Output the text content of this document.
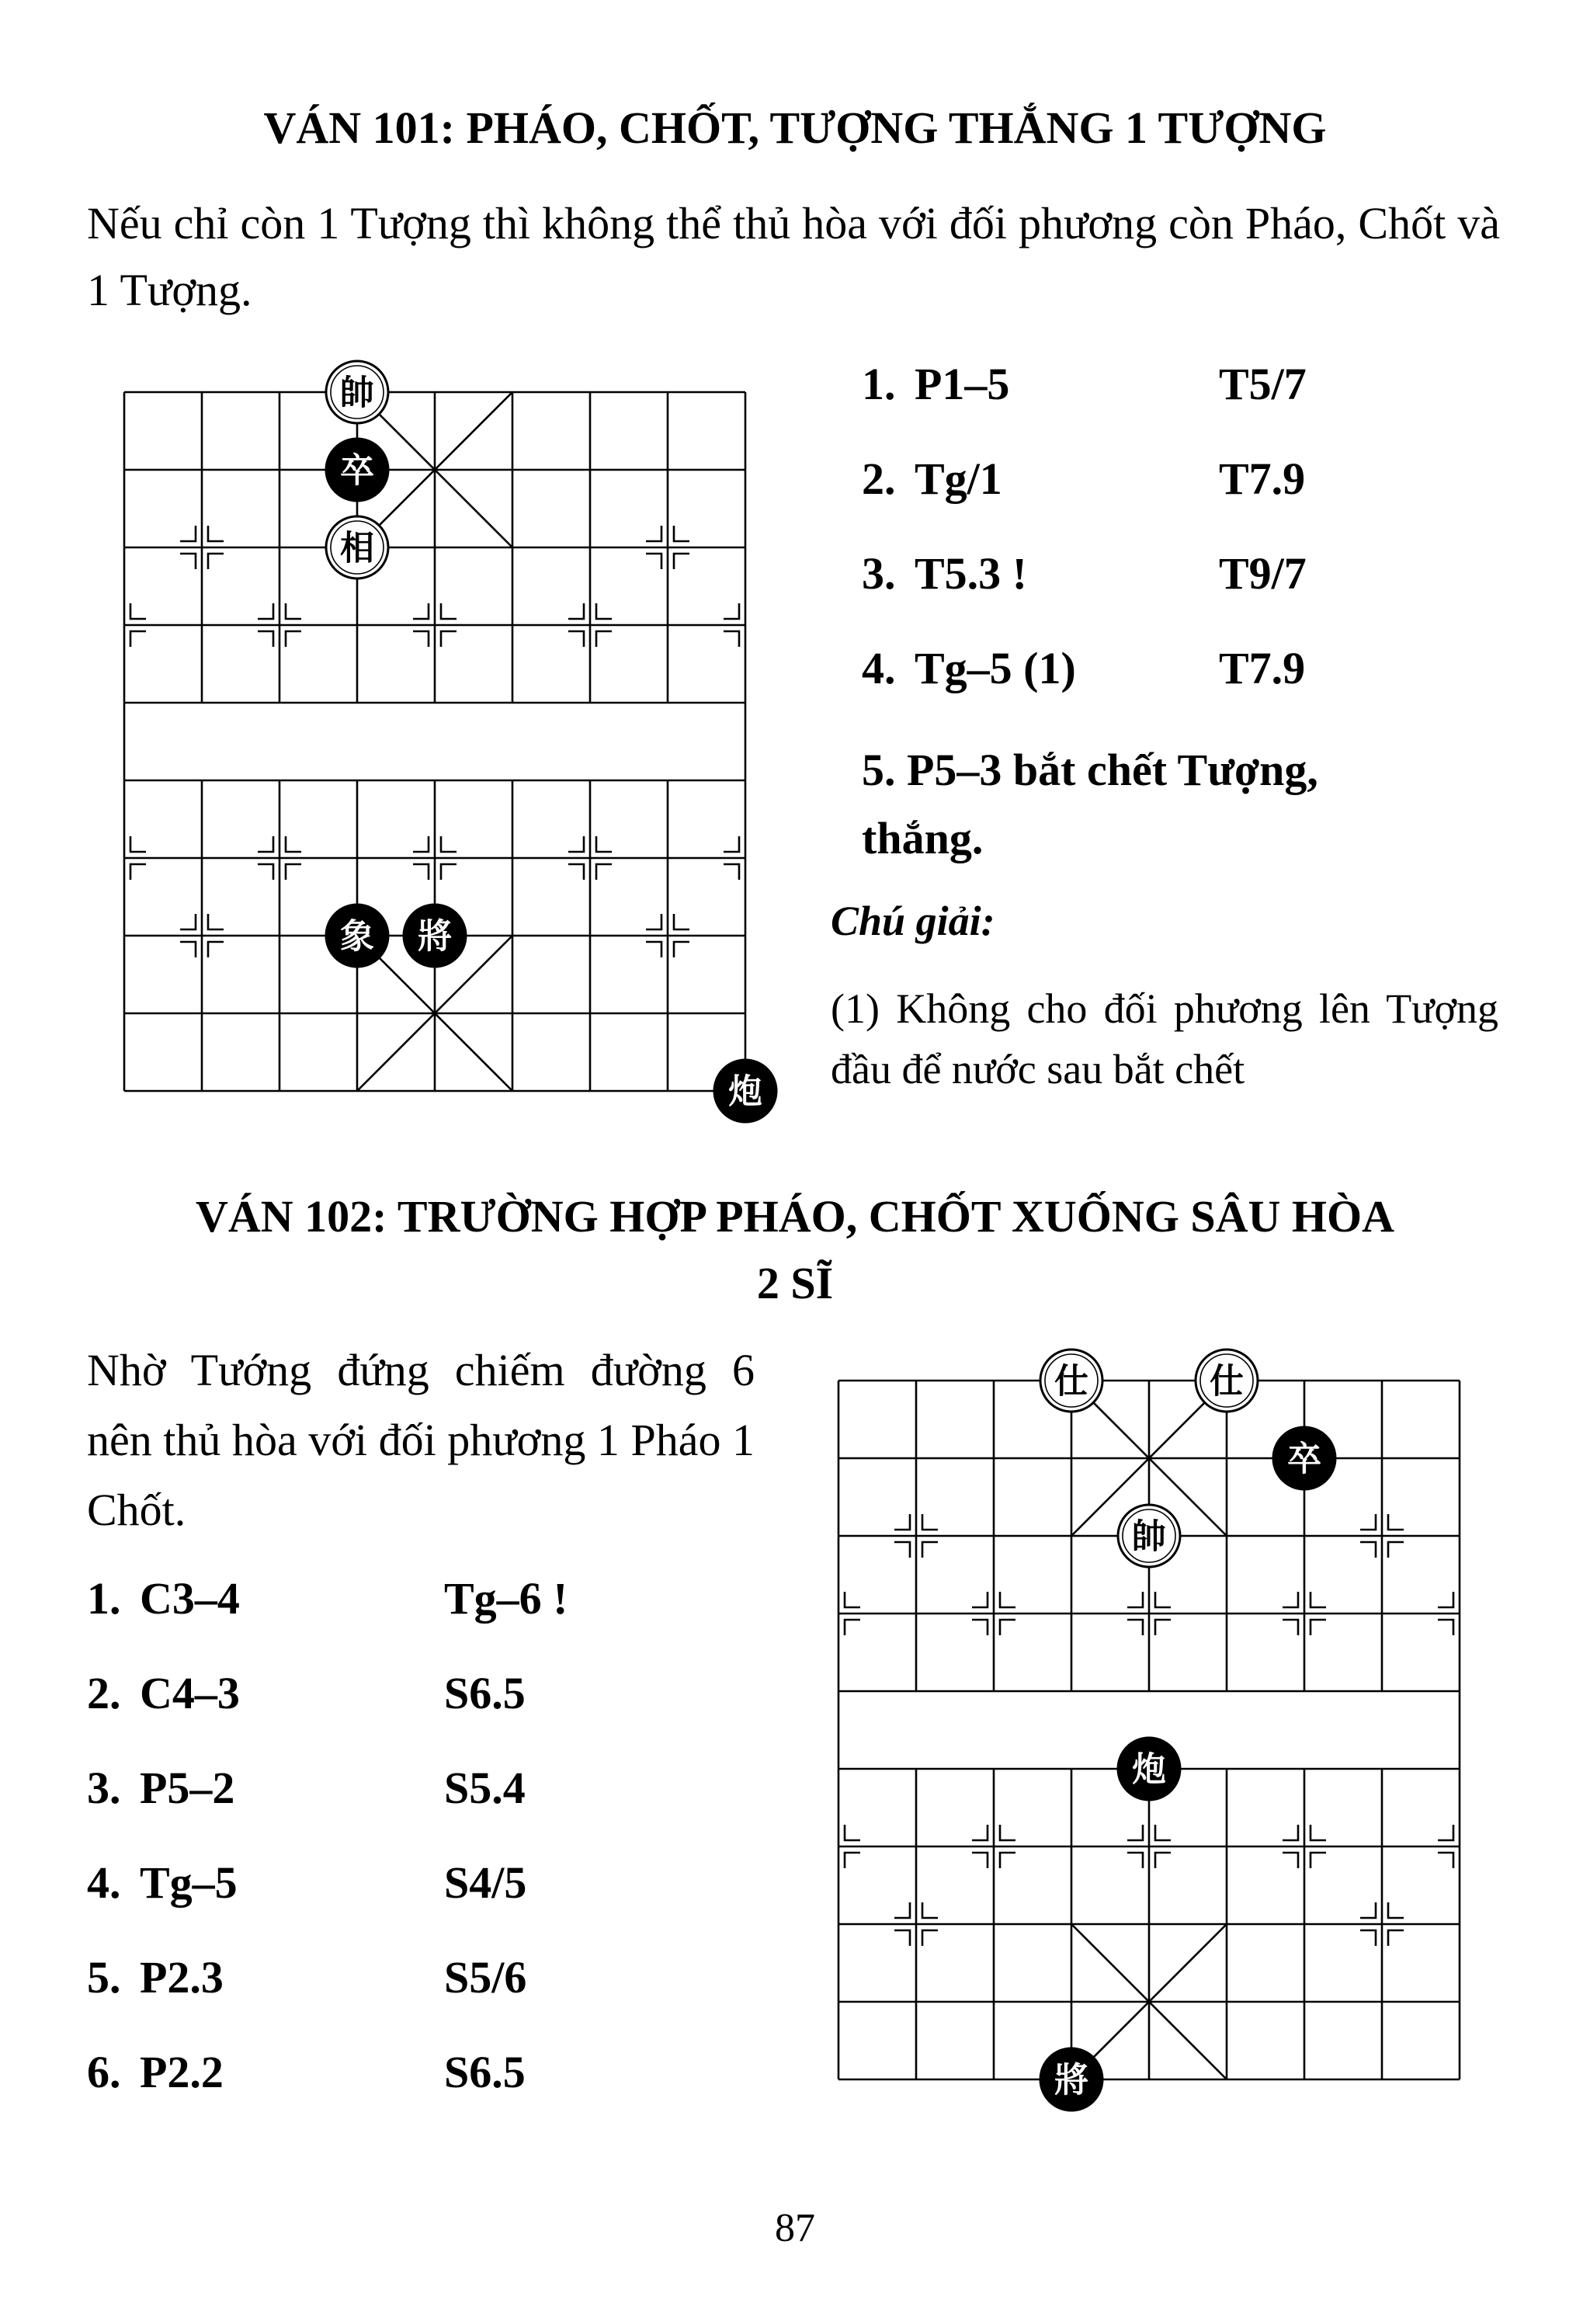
VÁN 101: PHÁO, CHỐT, TƯỢNG THẮNG 1 TƯỢNG
Nếu chỉ còn 1 Tượng thì không thể thủ hòa với đối phương còn Pháo, Chốt và 1 Tượng.
帥
卒
相
象 將
炮
1. P1–5	T5/7
2. Tg/1	T7.9
3. T5.3 !	T9/7
4. Tg–5 (1)	T7.9
5. P5–3 bắt chết Tượng, thắng.
Chú giải:
(1) Không cho đối phương lên Tượng đầu để nước sau bắt chết
VÁN 102: TRƯỜNG HỢP PHÁO, CHỐT XUỐNG SÂU HÒA
2 SĨ
Nhờ Tướng đứng chiếm đường 6 nên thủ hòa với đối phương 1 Pháo 1 Chốt.
1. C3–4	Tg–6 !
2. C4–3	S6.5
3. P5–2	S5.4
4. Tg–5	S4/5
5. P2.3	S5/6
6. P2.2	S6.5
仕	仕
卒
帥
炮
將
87
